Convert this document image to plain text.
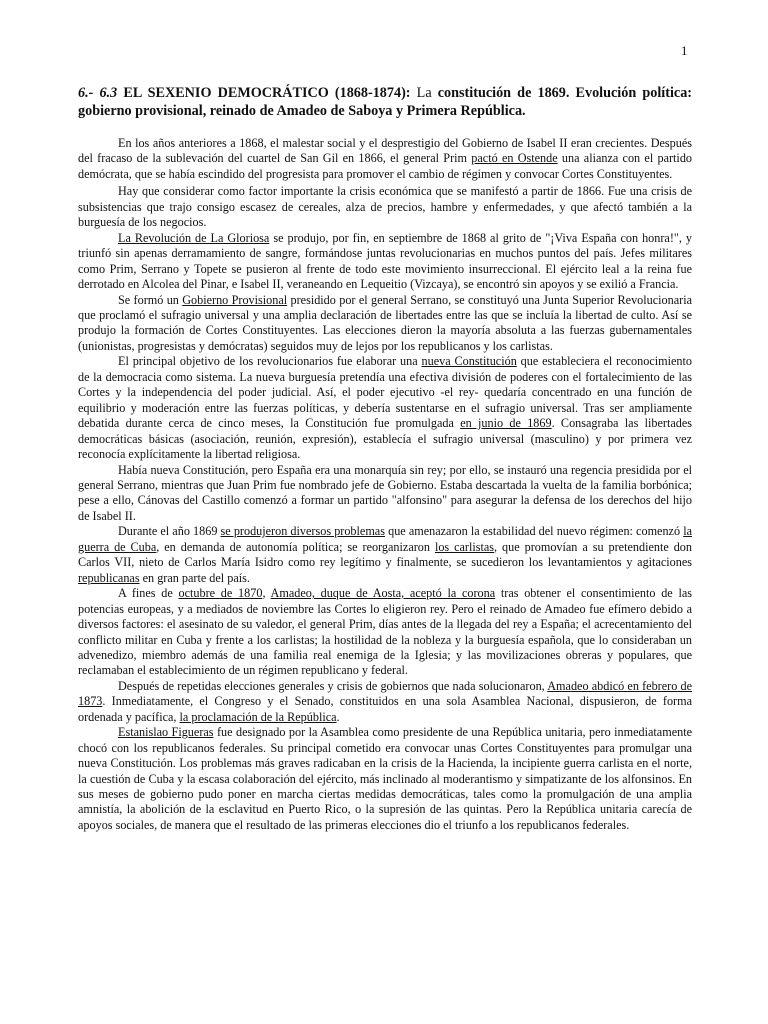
1
6.- 6.3 EL SEXENIO DEMOCRÁTICO (1868-1874): La constitución de 1869. Evolución política: gobierno provisional, reinado de Amadeo de Saboya y Primera República.

En los años anteriores a 1868, el malestar social y el desprestigio del Gobierno de Isabel II eran crecientes. Después del fracaso de la sublevación del cuartel de San Gil en 1866, el general Prim pactó en Ostende una alianza con el partido demócrata, que se había escindido del progresista para promover el cambio de régimen y convocar Cortes Constituyentes.

Hay que considerar como factor importante la crisis económica que se manifestó a partir de 1866. Fue una crisis de subsistencias que trajo consigo escasez de cereales, alza de precios, hambre y enfermedades, y que afectó también a la burguesía de los negocios.

La Revolución de La Gloriosa se produjo, por fin, en septiembre de 1868 al grito de "¡Viva España con honra!", y triunfó sin apenas derramamiento de sangre, formándose juntas revolucionarias en muchos puntos del país. Jefes militares como Prim, Serrano y Topete se pusieron al frente de todo este movimiento insurreccional. El ejército leal a la reina fue derrotado en Alcolea del Pinar, e Isabel II, veraneando en Lequeitio (Vizcaya), se encontró sin apoyos y se exilió a Francia.

Se formó un Gobierno Provisional presidido por el general Serrano, se constituyó una Junta Superior Revolucionaria que proclamó el sufragio universal y una amplia declaración de libertades entre las que se incluía la libertad de culto. Así se produjo la formación de Cortes Constituyentes. Las elecciones dieron la mayoría absoluta a las fuerzas gubernamentales (unionistas, progresistas y demócratas) seguidos muy de lejos por los republicanos y los carlistas.

El principal objetivo de los revolucionarios fue elaborar una nueva Constitución que estableciera el reconocimiento de la democracia como sistema. La nueva burguesía pretendía una efectiva división de poderes con el fortalecimiento de las Cortes y la independencia del poder judicial. Así, el poder ejecutivo -el rey- quedaría concentrado en una función de equilibrio y moderación entre las fuerzas políticas, y debería sustentarse en el sufragio universal. Tras ser ampliamente debatida durante cerca de cinco meses, la Constitución fue promulgada en junio de 1869. Consagraba las libertades democráticas básicas (asociación, reunión, expresión), establecía el sufragio universal (masculino) y por primera vez reconocía explícitamente la libertad religiosa.

Había nueva Constitución, pero España era una monarquía sin rey; por ello, se instauró una regencia presidida por el general Serrano, mientras que Juan Prim fue nombrado jefe de Gobierno. Estaba descartada la vuelta de la familia borbónica; pese a ello, Cánovas del Castillo comenzó a formar un partido "alfonsino" para asegurar la defensa de los derechos del hijo de Isabel II.

Durante el año 1869 se produjeron diversos problemas que amenazaron la estabilidad del nuevo régimen: comenzó la guerra de Cuba, en demanda de autonomía política; se reorganizaron los carlistas, que promovían a su pretendiente don Carlos VII, nieto de Carlos María Isidro como rey legítimo y finalmente, se sucedieron los levantamientos y agitaciones republicanas en gran parte del país.

A fines de octubre de 1870, Amadeo, duque de Aosta, aceptó la corona tras obtener el consentimiento de las potencias europeas, y a mediados de noviembre las Cortes lo eligieron rey. Pero el reinado de Amadeo fue efímero debido a diversos factores: el asesinato de su valedor, el general Prim, días antes de la llegada del rey a España; el acrecentamiento del conflicto militar en Cuba y frente a los carlistas; la hostilidad de la nobleza y la burguesía española, que lo consideraban un advenedizo, miembro además de una familia real enemiga de la Iglesia; y las movilizaciones obreras y populares, que reclamaban el establecimiento de un régimen republicano y federal.

Después de repetidas elecciones generales y crisis de gobiernos que nada solucionaron, Amadeo abdicó en febrero de 1873. Inmediatamente, el Congreso y el Senado, constituidos en una sola Asamblea Nacional, dispusieron, de forma ordenada y pacífica, la proclamación de la República.

Estanislao Figueras fue designado por la Asamblea como presidente de una República unitaria, pero inmediatamente chocó con los republicanos federales. Su principal cometido era convocar unas Cortes Constituyentes para promulgar una nueva Constitución. Los problemas más graves radicaban en la crisis de la Hacienda, la incipiente guerra carlista en el norte, la cuestión de Cuba y la escasa colaboración del ejército, más inclinado al moderantismo y simpatizante de los alfonsinos. En sus meses de gobierno pudo poner en marcha ciertas medidas democráticas, tales como la promulgación de una amplia amnistía, la abolición de la esclavitud en Puerto Rico, o la supresión de las quintas. Pero la República unitaria carecía de apoyos sociales, de manera que el resultado de las primeras elecciones dio el triunfo a los republicanos federales.
